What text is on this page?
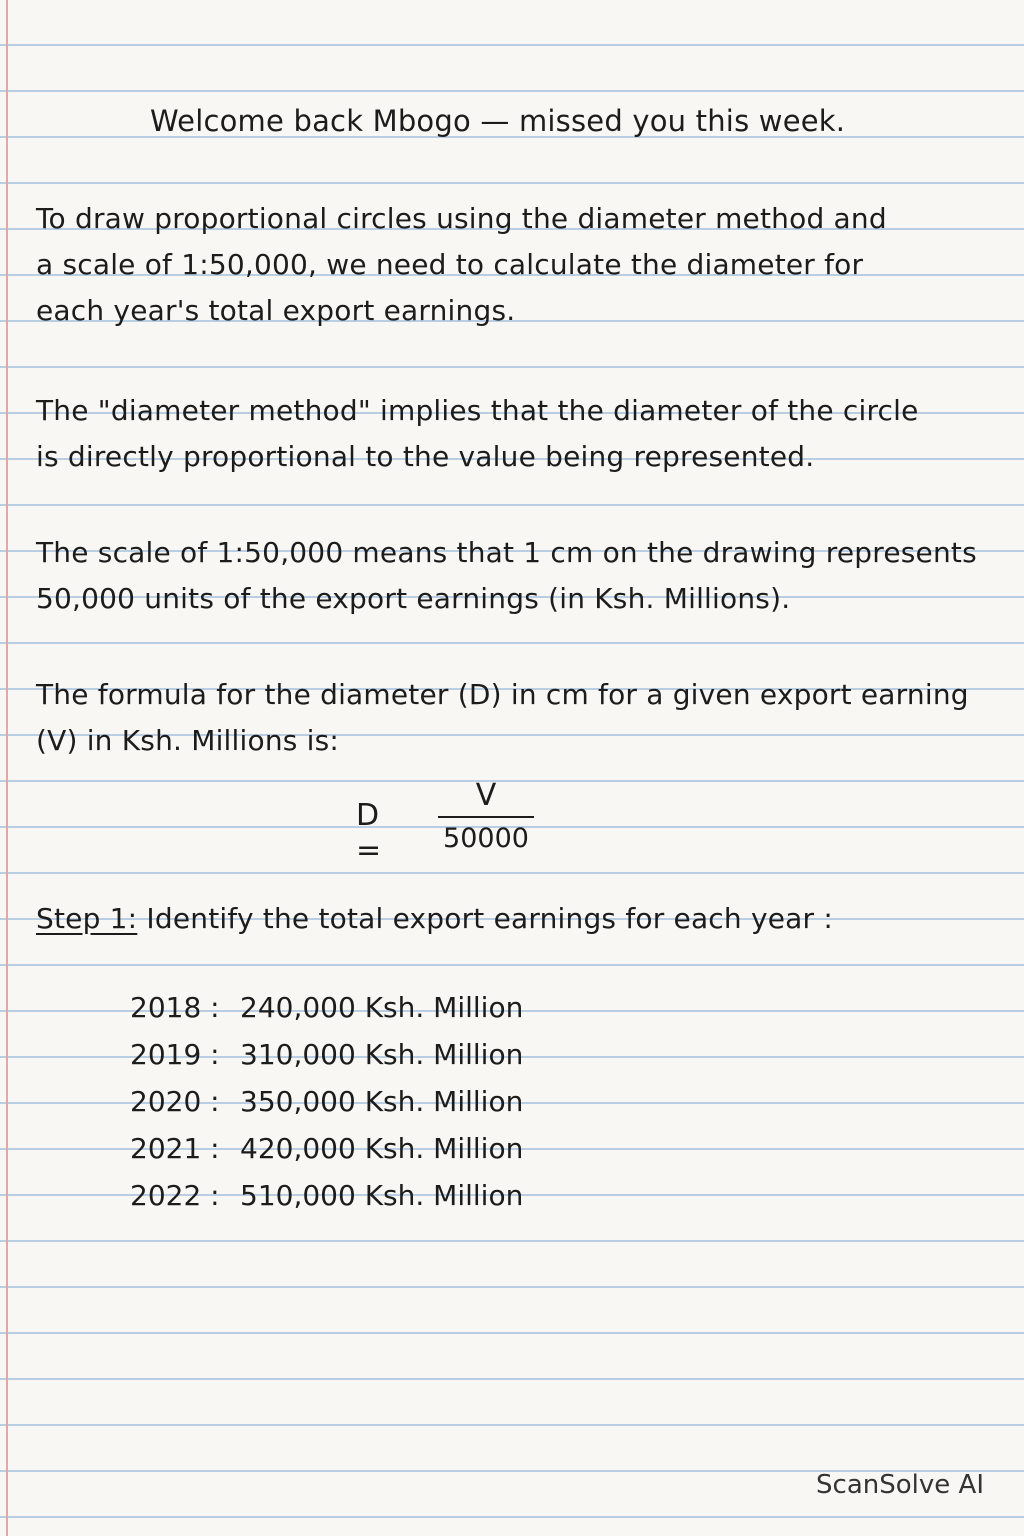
Welcome back Mbogo — missed you this week.
To draw proportional circles using the diameter method and
a scale of 1:50,000, we need to calculate the diameter for
each year's total export earnings.
The "diameter method" implies that the diameter of the circle
is directly proportional to the value being represented.
The scale of 1:50,000 means that 1 cm on the drawing represents
50,000 units of the export earnings (in Ksh. Millions).
The formula for the diameter (D) in cm for a given export earning
(V) in Ksh. Millions is:
D =
V
50000
Step 1: Identify the total export earnings for each year :
2018 : 240,000 Ksh. Million
2019 : 310,000 Ksh. Million
2020 : 350,000 Ksh. Million
2021 : 420,000 Ksh. Million
2022 : 510,000 Ksh. Million
ScanSolve AI
